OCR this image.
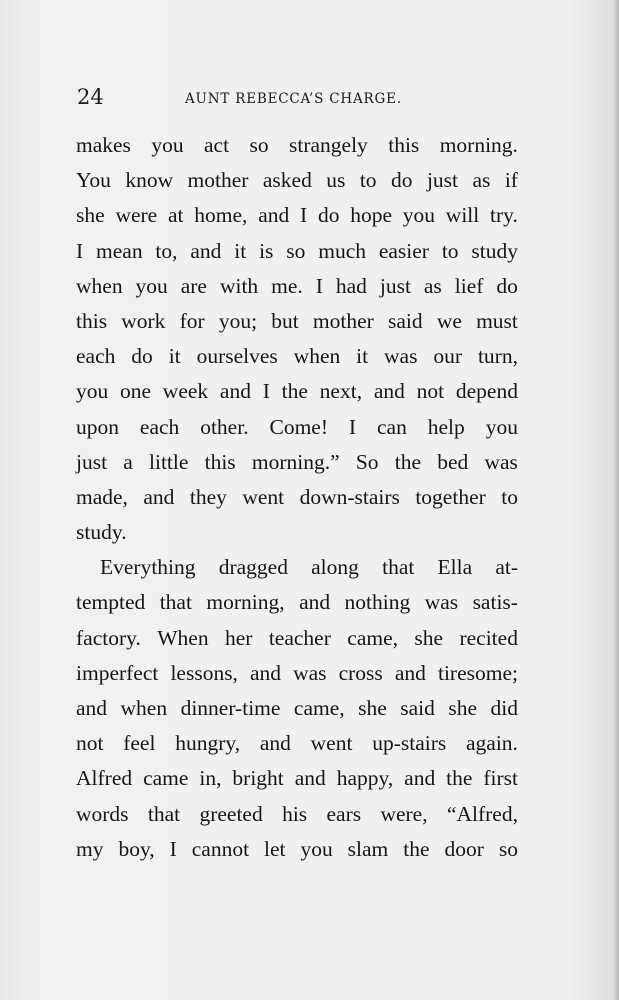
24	AUNT REBECCA’S CHARGE.
makes you act so strangely this morning.
You know mother asked us to do just as if
she were at home, and I do hope you will try.
I mean to, and it is so much easier to study
when you are with me. I had just as lief do
this work for you; but mother said we must
each do it ourselves when it was our turn,
you one week and I the next, and not depend
upon each other. Come! I can help you
just a little this morning.” So the bed was
made, and they went down-stairs together to
study.
Everything dragged along that Ella at-
tempted that morning, and nothing was satis-
factory. When her teacher came, she recited
imperfect lessons, and was cross and tiresome;
and when dinner-time came, she said she did
not feel hungry, and went up-stairs again.
Alfred came in, bright and happy, and the first
words that greeted his ears were, “Alfred,
my boy, I cannot let you slam the door so
